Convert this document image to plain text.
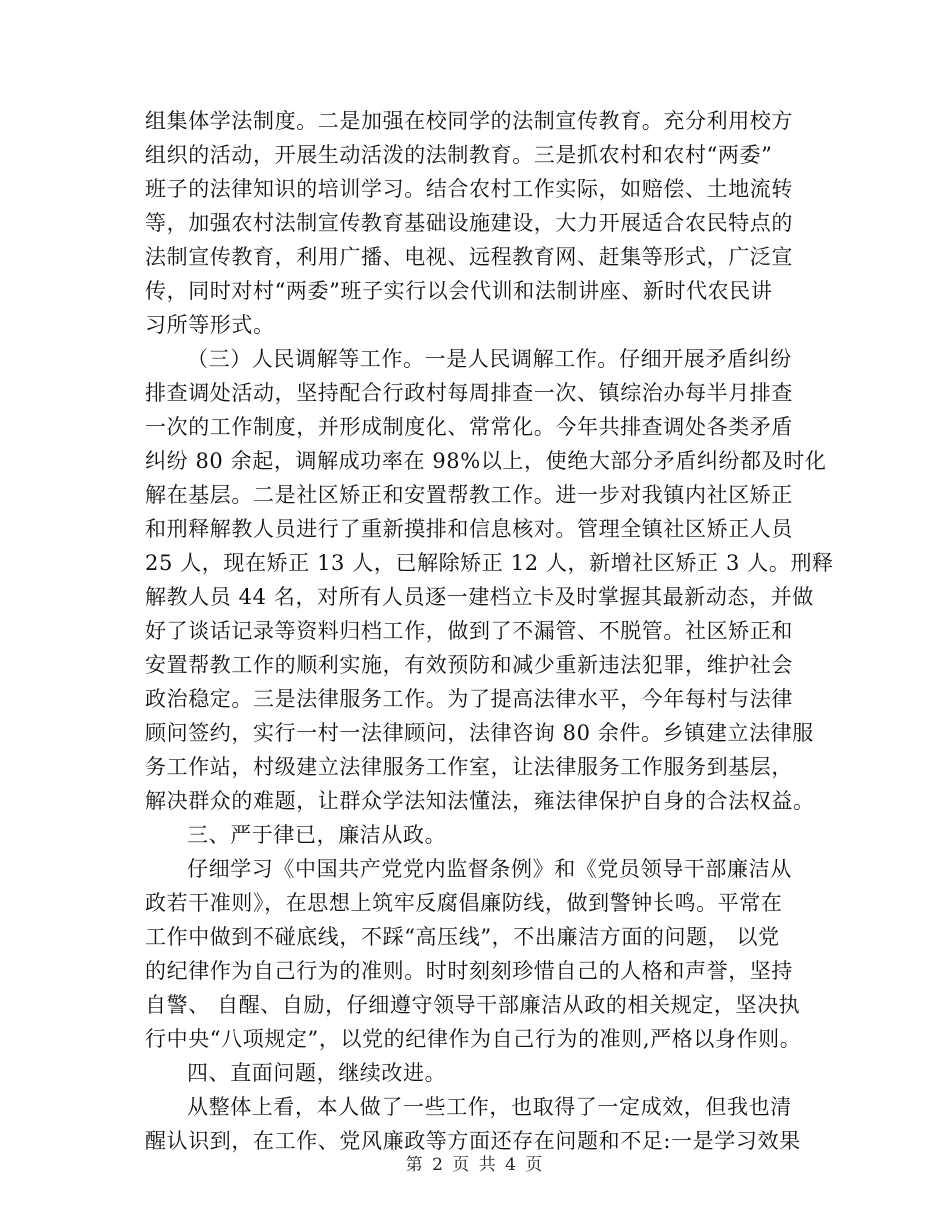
组集体学法制度。二是加强在校同学的法制宣传教育。充分利用校方
组织的活动，开展生动活泼的法制教育。三是抓农村和农村“两委”
班子的法律知识的培训学习。结合农村工作实际，如赔偿、土地流转
等，加强农村法制宣传教育基础设施建设，大力开展适合农民特点的
法制宣传教育，利用广播、电视、远程教育网、赶集等形式，广泛宣
传，同时对村“两委”班子实行以会代训和法制讲座、新时代农民讲
习所等形式。
（三）人民调解等工作。一是人民调解工作。仔细开展矛盾纠纷
排查调处活动，坚持配合行政村每周排查一次、镇综治办每半月排查
一次的工作制度，并形成制度化、常常化。今年共排查调处各类矛盾
纠纷 80 余起，调解成功率在 98%以上，使绝大部分矛盾纠纷都及时化
解在基层。二是社区矫正和安置帮教工作。进一步对我镇内社区矫正
和刑释解教人员进行了重新摸排和信息核对。管理全镇社区矫正人员
25 人，现在矫正 13 人，已解除矫正 12 人，新增社区矫正 3 人。刑释
解教人员 44 名，对所有人员逐一建档立卡及时掌握其最新动态，并做
好了谈话记录等资料归档工作，做到了不漏管、不脱管。社区矫正和
安置帮教工作的顺利实施，有效预防和减少重新违法犯罪，维护社会
政治稳定。三是法律服务工作。为了提高法律水平，今年每村与法律
顾问签约，实行一村一法律顾问，法律咨询 80 余件。乡镇建立法律服
务工作站，村级建立法律服务工作室，让法律服务工作服务到基层，
解决群众的难题，让群众学法知法懂法，雍法律保护自身的合法权益。
三、严于律已，廉洁从政。
仔细学习《中国共产党党内监督条例》和《党员领导干部廉洁从
政若干准则》，在思想上筑牢反腐倡廉防线，做到警钟长鸣。平常在
工作中做到不碰底线，不踩“高压线”，不出廉洁方面的问题， 以党
的纪律作为自己行为的准则。时时刻刻珍惜自己的人格和声誉，坚持
自警、 自醒、自励，仔细遵守领导干部廉洁从政的相关规定，坚决执
行中央“八项规定”，以党的纪律作为自己行为的准则,严格以身作则。
四、直面问题，继续改进。
从整体上看，本人做了一些工作，也取得了一定成效，但我也清
醒认识到，在工作、党风廉政等方面还存在问题和不足:一是学习效果
第 2 页 共 4 页
